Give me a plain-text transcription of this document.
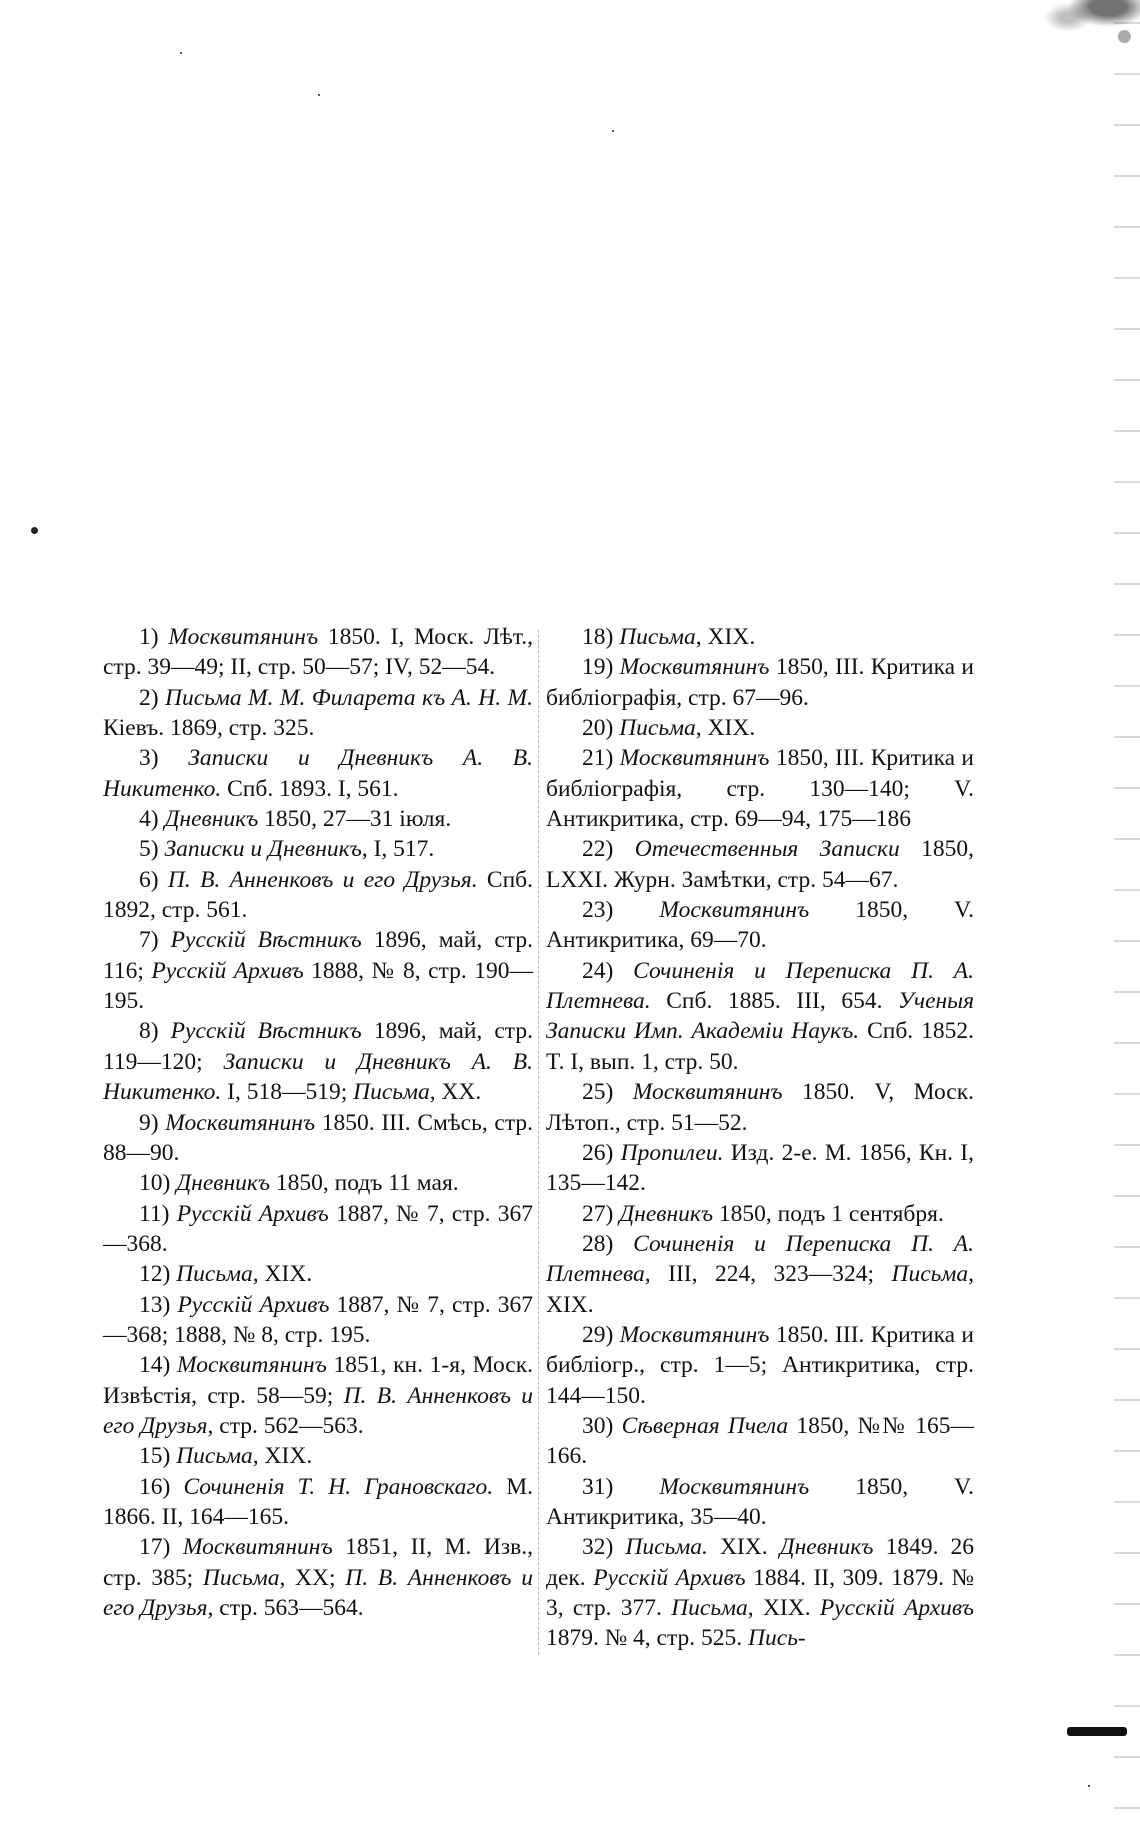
1) Москвитянинъ 1850. I, Моск. Лѣт., стр. 39—49; II, стр. 50—57; IV, 52—54.

2) Письма М. М. Филарета къ А. Н. М. Кіевъ. 1869, стр. 325.

3) Записки и Дневникъ А. В. Никитенко. Спб. 1893. I, 561.

4) Дневникъ 1850, 27—31 іюля.

5) Записки и Дневникъ, I, 517.

6) П. В. Анненковъ и его Друзья. Спб. 1892, стр. 561.

7) Русскій Вѣстникъ 1896, май, стр. 116; Русскій Архивъ 1888, № 8, стр. 190—195.

8) Русскій Вѣстникъ 1896, май, стр. 119—120; Записки и Дневникъ А. В. Никитенко. I, 518—519; Письма, XX.

9) Москвитянинъ 1850. III. Смѣсь, стр. 88—90.

10) Дневникъ 1850, подъ 11 мая.

11) Русскій Архивъ 1887, № 7, стр. 367—368.

12) Письма, XIX.

13) Русскій Архивъ 1887, № 7, стр. 367—368; 1888, № 8, стр. 195.

14) Москвитянинъ 1851, кн. 1-я, Моск. Извѣстія, стр. 58—59; П. В. Анненковъ и его Друзья, стр. 562—563.

15) Письма, XIX.

16) Сочиненія Т. Н. Грановскаго. М. 1866. II, 164—165.

17) Москвитянинъ 1851, II, М. Изв., стр. 385; Письма, XX; П. В. Анненковъ и его Друзья, стр. 563—564.

18) Письма, XIX.

19) Москвитянинъ 1850, III. Критика и библіографія, стр. 67—96.

20) Письма, XIX.

21) Москвитянинъ 1850, III. Критика и библіографія, стр. 130—140; V. Антикритика, стр. 69—94, 175—186

22) Отечественныя Записки 1850, LXXI. Журн. Замѣтки, стр. 54—67.

23) Москвитянинъ 1850, V. Антикритика, 69—70.

24) Сочиненія и Переписка П. А. Плетнева. Спб. 1885. III, 654. Ученыя Записки Имп. Академіи Наукъ. Спб. 1852. T. I, вып. 1, стр. 50.

25) Москвитянинъ 1850. V, Моск. Лѣтоп., стр. 51—52.

26) Пропилеи. Изд. 2-е. М. 1856, Кн. I, 135—142.

27) Дневникъ 1850, подъ 1 сентября.

28) Сочиненія и Переписка П. А. Плетнева, III, 224, 323—324; Письма, XIX.

29) Москвитянинъ 1850. III. Критика и библіогр., стр. 1—5; Антикритика, стр. 144—150.

30) Сѣверная Пчела 1850, №№ 165—166.

31) Москвитянинъ 1850, V. Антикритика, 35—40.

32) Письма. XIX. Дневникъ 1849. 26 дек. Русскій Архивъ 1884. II, 309. 1879. № 3, стр. 377. Письма, XIX. Русскій Архивъ 1879. № 4, стр. 525. Пись-
